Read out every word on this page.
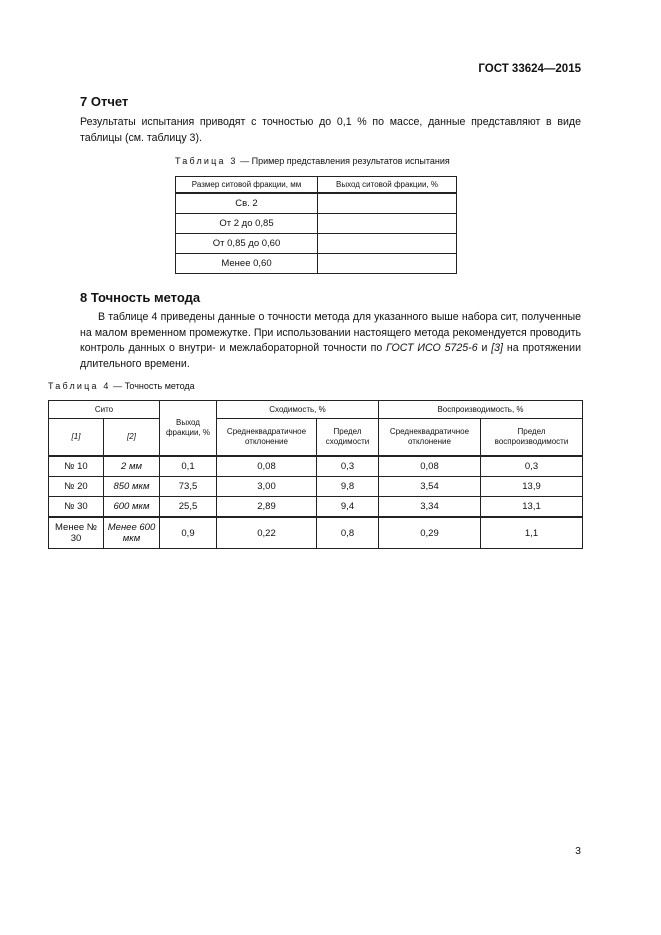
ГОСТ 33624—2015
7 Отчет
Результаты испытания приводят с точностью до 0,1 % по массе, данные представляют в виде таблицы (см. таблицу 3).
Таблица 3 — Пример представления результатов испытания
Размер ситовой фракции, мм	Выход ситовой фракции, %
Св. 2	
От 2 до 0,85	
От 0,85 до 0,60	
Менее 0,60	
8 Точность метода
В таблице 4 приведены данные о точности метода для указанного выше набора сит, полученные на малом временном промежутке. При использовании настоящего метода рекомендуется проводить контроль данных о внутри- и межлабораторной точности по ГОСТ ИСО 5725-6 и [3] на протяжении длительного времени.
Таблица 4 — Точность метода
Сито		Выход фракции, %	Сходимость, %		Воспроизводимость, %	
[1]	[2]		Среднеквадратичное отклонение	Предел сходимости	Среднеквадратичное отклонение	Предел воспроизводимости
№ 10	2 мм	0,1	0,08	0,3	0,08	0,3
№ 20	850 мкм	73,5	3,00	9,8	3,54	13,9
№ 30	600 мкм	25,5	2,89	9,4	3,34	13,1
Менее № 30	Менее 600 мкм	0,9	0,22	0,8	0,29	1,1
3
